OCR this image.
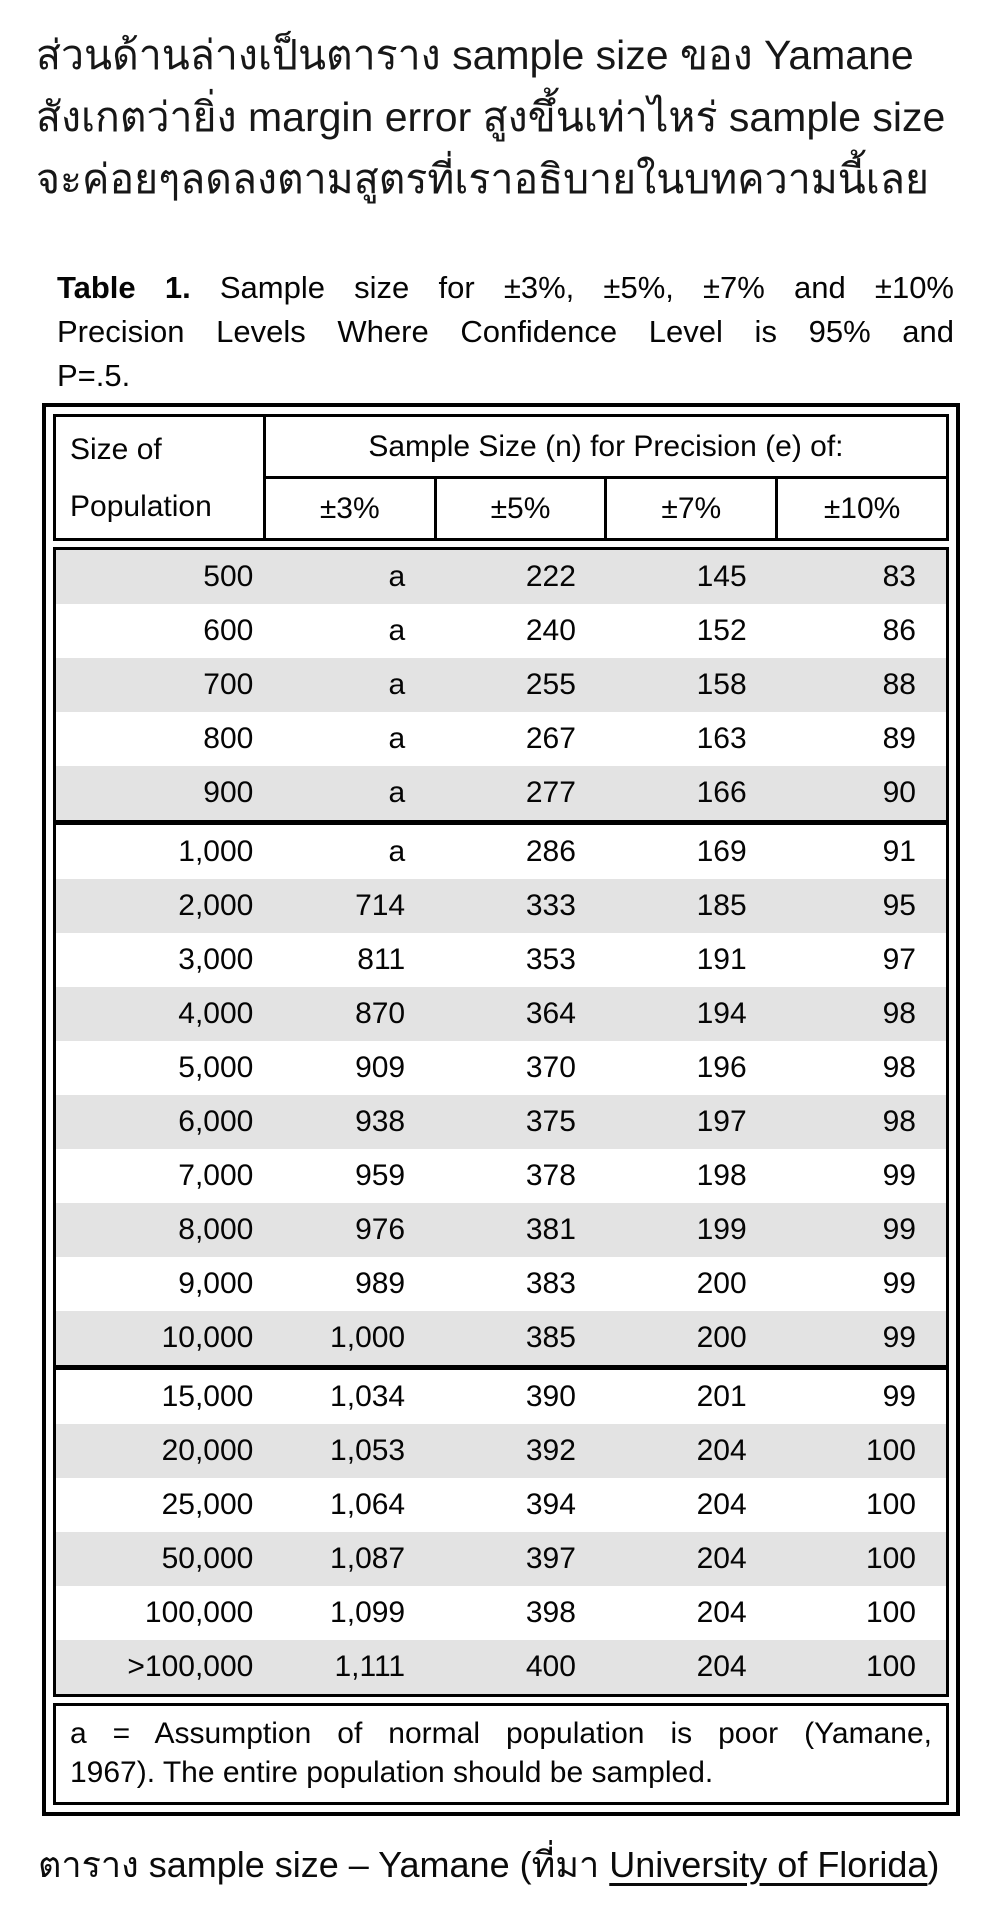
ส่วนด้านล่างเป็นตาราง sample size ของ Yamane
สังเกตว่ายิ่ง margin error สูงขึ้นเท่าไหร่ sample size
จะค่อยๆลดลงตามสูตรที่เราอธิบายในบทความนี้เลย
Table 1. Sample size for ±3%, ±5%, ±7% and ±10%
Precision Levels Where Confidence Level is 95% and
P=.5.
Size of
Population	Sample Size (n) for Precision (e) of:			
	±3%	±5%	±7%	±10%
500	a	222	145	83
600	a	240	152	86
700	a	255	158	88
800	a	267	163	89
900	a	277	166	90
1,000	a	286	169	91
2,000	714	333	185	95
3,000	811	353	191	97
4,000	870	364	194	98
5,000	909	370	196	98
6,000	938	375	197	98
7,000	959	378	198	99
8,000	976	381	199	99
9,000	989	383	200	99
10,000	1,000	385	200	99
15,000	1,034	390	201	99
20,000	1,053	392	204	100
25,000	1,064	394	204	100
50,000	1,087	397	204	100
100,000	1,099	398	204	100
>100,000	1,111	400	204	100
a = Assumption of normal population is poor (Yamane,
1967). The entire population should be sampled.
ตาราง sample size – Yamane (ที่มา University of Florida)
